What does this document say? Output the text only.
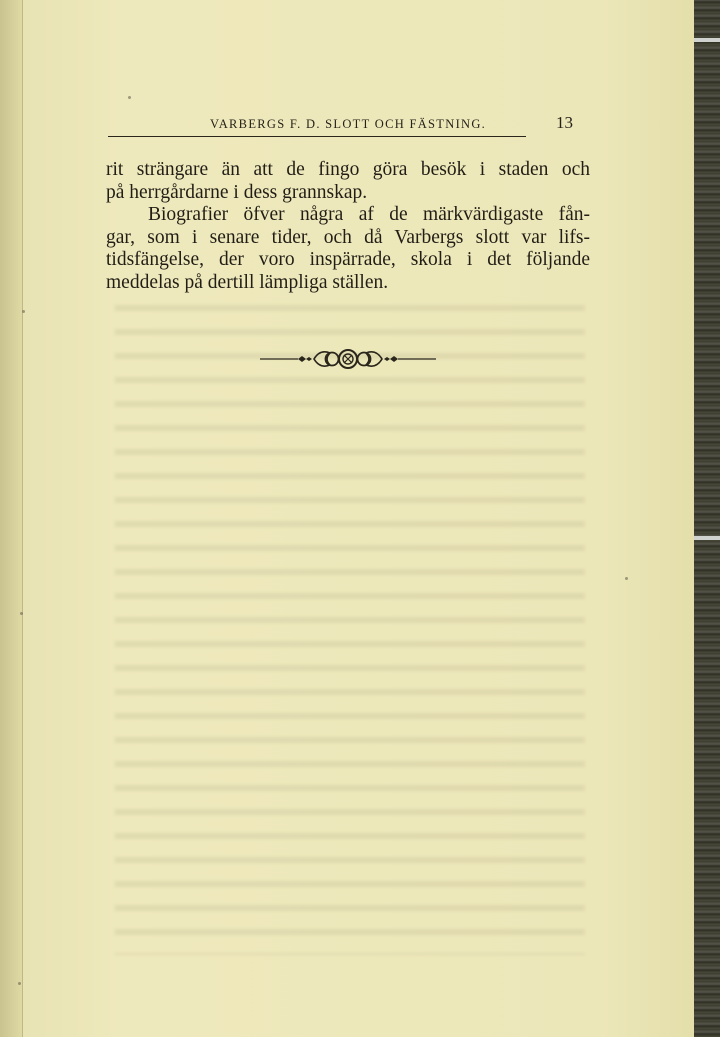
VARBERGS F. D. SLOTT OCH FÄSTNING.	13
rit strängare än att de fingo göra besök i staden och
på herrgårdarne i dess grannskap.
Biografier öfver några af de märkvärdigaste fån-
gar, som i senare tider, och då Varbergs slott var lifs-
tidsfängelse, der voro inspärrade, skola i det följande
meddelas på dertill lämpliga ställen.
